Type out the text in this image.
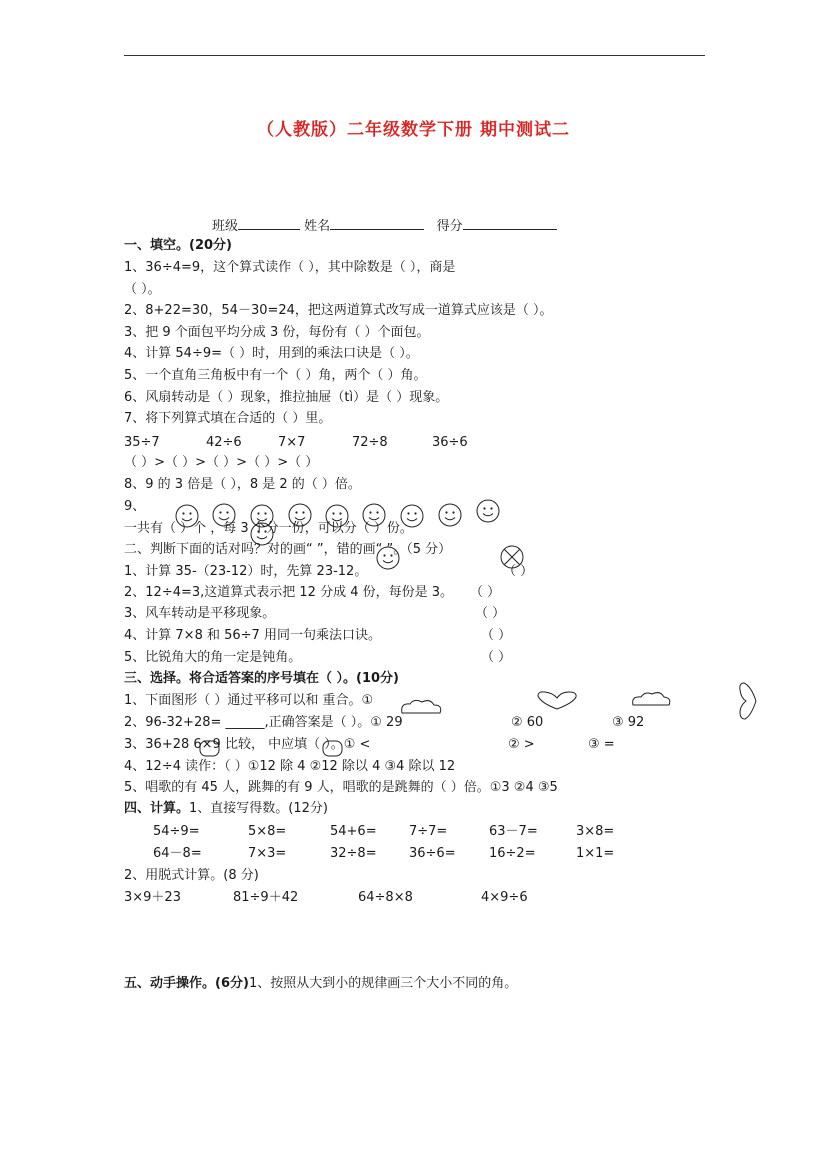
（人教版）二年级数学下册 期中测试二
班级	姓名	得分
一、填空。(20分)
1、36÷4=9，这个算式读作（ ），其中除数是（ ），商是
（ ）。
2、8+22=30，54－30=24，把这两道算式改写成一道算式应该是（ ）。
3、把 9 个面包平均分成 3 份，每份有（ ）个面包。
4、计算 54÷9=（ ）时，用到的乘法口诀是（ ）。
5、一个直角三角板中有一个（ ）角，两个（ ）角。
6、风扇转动是（ ）现象，推拉抽屉（tì）是（ ）现象。
7、将下列算式填在合适的（ ）里。
35÷7	42÷6	7×7	72÷8	36÷6
（ ）>（ ）>（ ）>（ ）>（ ）
8、9 的 3 倍是（ ），8 是 2 的（ ）倍。
9、
一共有（ ）个 ，每 3 个分一份，可以分（ ）份。
二、判断下面的话对吗？对的画“ ”，错的画“ ”。（5 分）
1、计算 35-（23-12）时，先算 23-12。	（ ）
2、12÷4=3,这道算式表示把 12 分成 4 份，每份是 3。 （ ）
3、风车转动是平移现象。	（ ）
4、计算 7×8 和 56÷7 用同一句乘法口诀。	（ ）
5、比锐角大的角一定是钝角。	（ ）
三、选择。将合适答案的序号填在（ ）。(10分)
1、下面图形（ ）通过平移可以和 重合。①
2、96-32+28= ______,正确答案是（ ）。① 29	② 60	③ 92
3、36+28 6×9 比较， 中应填（ ）。① <	② >	③ =
4、12÷4 读作：（ ）①12 除 4 ②12 除以 4 ③4 除以 12
5、唱歌的有 45 人，跳舞的有 9 人，唱歌的是跳舞的（ ）倍。①3 ②4 ③5
四、计算。1、直接写得数。(12分)
54÷9=	5×8=	54+6= 7÷7=	63－7=	3×8=
64－8=	7×3=	32÷8= 36÷6=	16÷2=	1×1=
2、用脱式计算。(8 分)
3×9＋23	81÷9＋42	64÷8×8	4×9÷6
五、动手操作。(6分)1、按照从大到小的规律画三个大小不同的角。
